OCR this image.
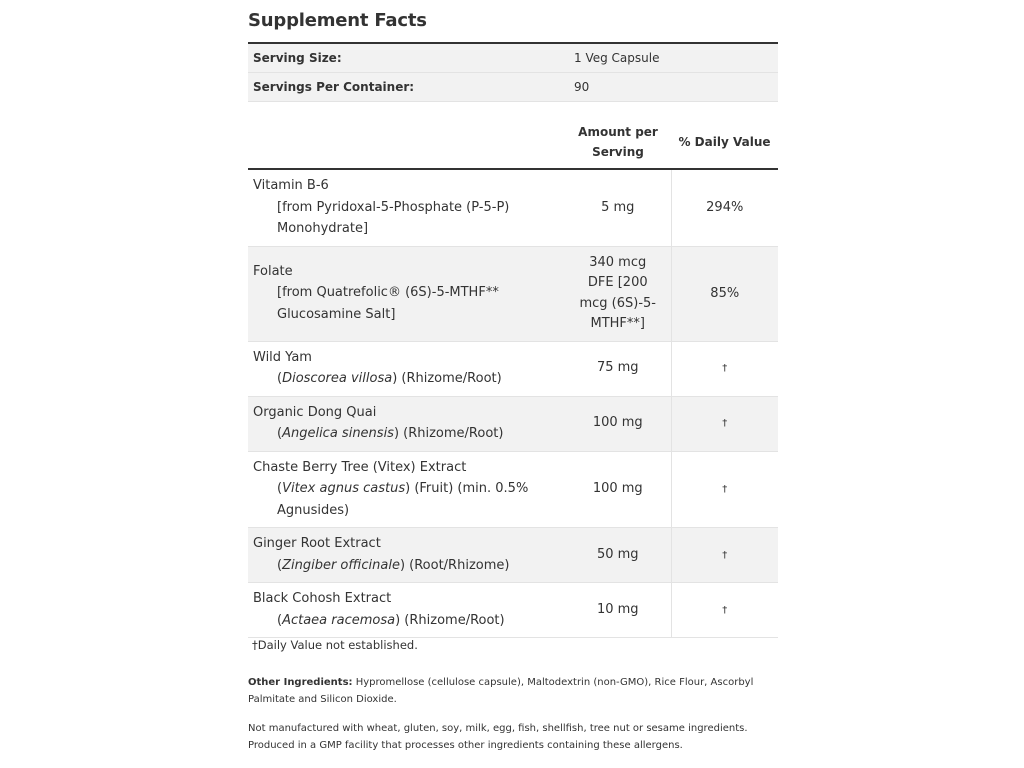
Supplement Facts
Serving Size:	1 Veg Capsule
Servings Per Container:	90
	Amount per Serving	% Daily Value
Vitamin B-6
[from Pyridoxal-5-Phosphate (P-5-P) Monohydrate]	5 mg	294%
Folate
[from Quatrefolic® (6S)-5-MTHF** Glucosamine Salt]	340 mcg DFE [200 mcg (6S)-5-MTHF**]	85%
Wild Yam
(Dioscorea villosa) (Rhizome/Root)	75 mg	†
Organic Dong Quai
(Angelica sinensis) (Rhizome/Root)	100 mg	†
Chaste Berry Tree (Vitex) Extract
(Vitex agnus castus) (Fruit) (min. 0.5% Agnusides)	100 mg	†
Ginger Root Extract
(Zingiber officinale) (Root/Rhizome)	50 mg	†
Black Cohosh Extract
(Actaea racemosa) (Rhizome/Root)	10 mg	†
†Daily Value not established.
Other Ingredients: Hypromellose (cellulose capsule), Maltodextrin (non-GMO), Rice Flour, Ascorbyl Palmitate and Silicon Dioxide.
Not manufactured with wheat, gluten, soy, milk, egg, fish, shellfish, tree nut or sesame ingredients. Produced in a GMP facility that processes other ingredients containing these allergens.
